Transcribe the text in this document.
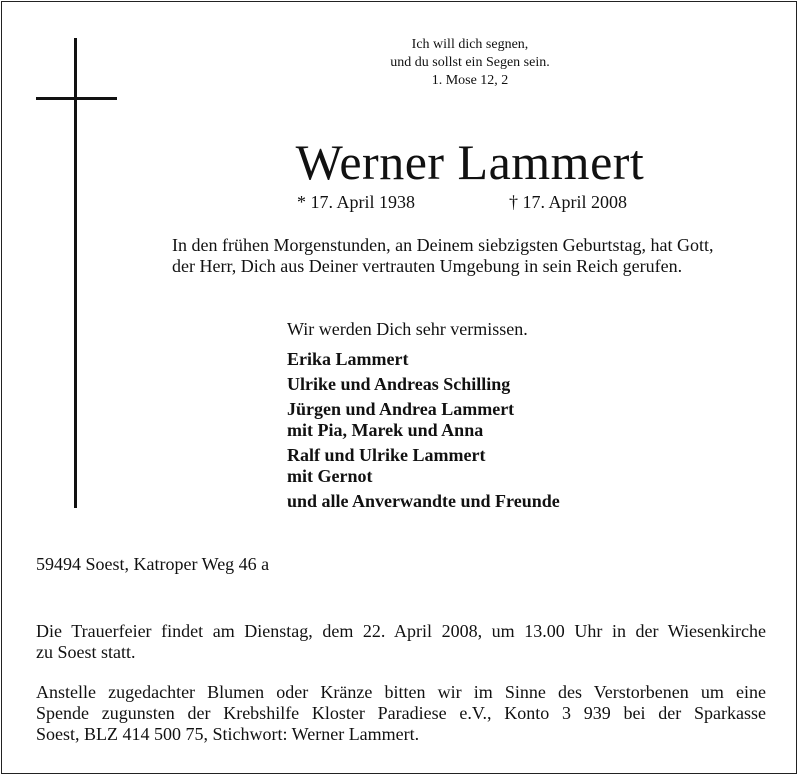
Ich will dich segnen,
und du sollst ein Segen sein.
1. Mose 12, 2
Werner Lammert
* 17. April 1938	† 17. April 2008
In den frühen Morgenstunden, an Deinem siebzigsten Geburtstag, hat Gott,
der Herr, Dich aus Deiner vertrauten Umgebung in sein Reich gerufen.
Wir werden Dich sehr vermissen.
Erika Lammert
Ulrike und Andreas Schilling
Jürgen und Andrea Lammert
mit Pia, Marek und Anna
Ralf und Ulrike Lammert
mit Gernot
und alle Anverwandte und Freunde
59494 Soest, Katroper Weg 46 a
Die Trauerfeier findet am Dienstag, dem 22. April 2008, um 13.00 Uhr in der Wiesenkirche
zu Soest statt.
Anstelle zugedachter Blumen oder Kränze bitten wir im Sinne des Verstorbenen um eine
Spende zugunsten der Krebshilfe Kloster Paradiese e.V., Konto 3 939 bei der Sparkasse
Soest, BLZ 414 500 75, Stichwort: Werner Lammert.
